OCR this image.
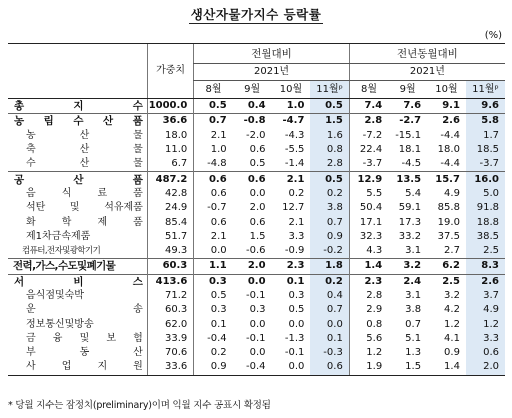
생산자물가지수 등락률
(%)
	가중치	전월대비				전년동월대비			
		2021년				2021년			
		8월	9월	10월	11월ᵖ	8월	9월	10월	11월ᵖ
총 지 수	1000.0	0.5	0.4	1.0	0.5	7.4	7.6	9.1	9.6
농 림 수 산 품	36.6	0.7	-0.8	-4.7	1.5	2.8	-2.7	2.6	5.8
농 산 물	18.0	2.1	-2.0	-4.3	1.6	-7.2	-15.1	-4.4	1.7
축 산 물	11.0	1.0	0.6	-5.5	0.8	22.4	18.1	18.0	18.5
수 산 물	6.7	-4.8	0.5	-1.4	2.8	-3.7	-4.5	-4.4	-3.7
공 산 품	487.2	0.6	0.6	2.1	0.5	12.9	13.5	15.7	16.0
음 식 료 품	42.8	0.6	0.0	0.2	0.2	5.5	5.4	4.9	5.0
석탄 및 석유제품	24.9	-0.7	2.0	12.7	3.8	50.4	59.1	85.8	91.8
화 학 제 품	85.4	0.6	0.6	2.1	0.7	17.1	17.3	19.0	18.8
제1차금속제품	51.7	2.1	1.5	3.3	0.9	32.3	33.2	37.5	38.5
컴퓨터,전자및광학기기	49.3	0.0	-0.6	-0.9	-0.2	4.3	3.1	2.7	2.5
전력,가스,수도및폐기물	60.3	1.1	2.0	2.3	1.8	1.4	3.2	6.2	8.3
서 비 스	413.6	0.3	0.0	0.1	0.2	2.3	2.4	2.5	2.6
음식점및숙박	71.2	0.5	-0.1	0.3	0.4	2.8	3.1	3.2	3.7
운 송	60.3	0.3	0.3	0.5	0.7	2.9	3.8	4.2	4.9
정보통신및방송	62.0	0.1	0.0	0.0	0.0	0.8	0.7	1.2	1.2
금 융 및 보 험	33.9	-0.4	-0.1	-1.3	0.1	5.6	5.1	4.1	3.3
부 동 산	70.6	0.2	0.0	-0.1	-0.3	1.2	1.3	0.9	0.6
사 업 지 원	33.6	0.9	-0.4	0.0	0.6	1.9	1.5	1.4	2.0
* 당월 지수는 잠정치(preliminary)이며 익월 지수 공표시 확정됨
